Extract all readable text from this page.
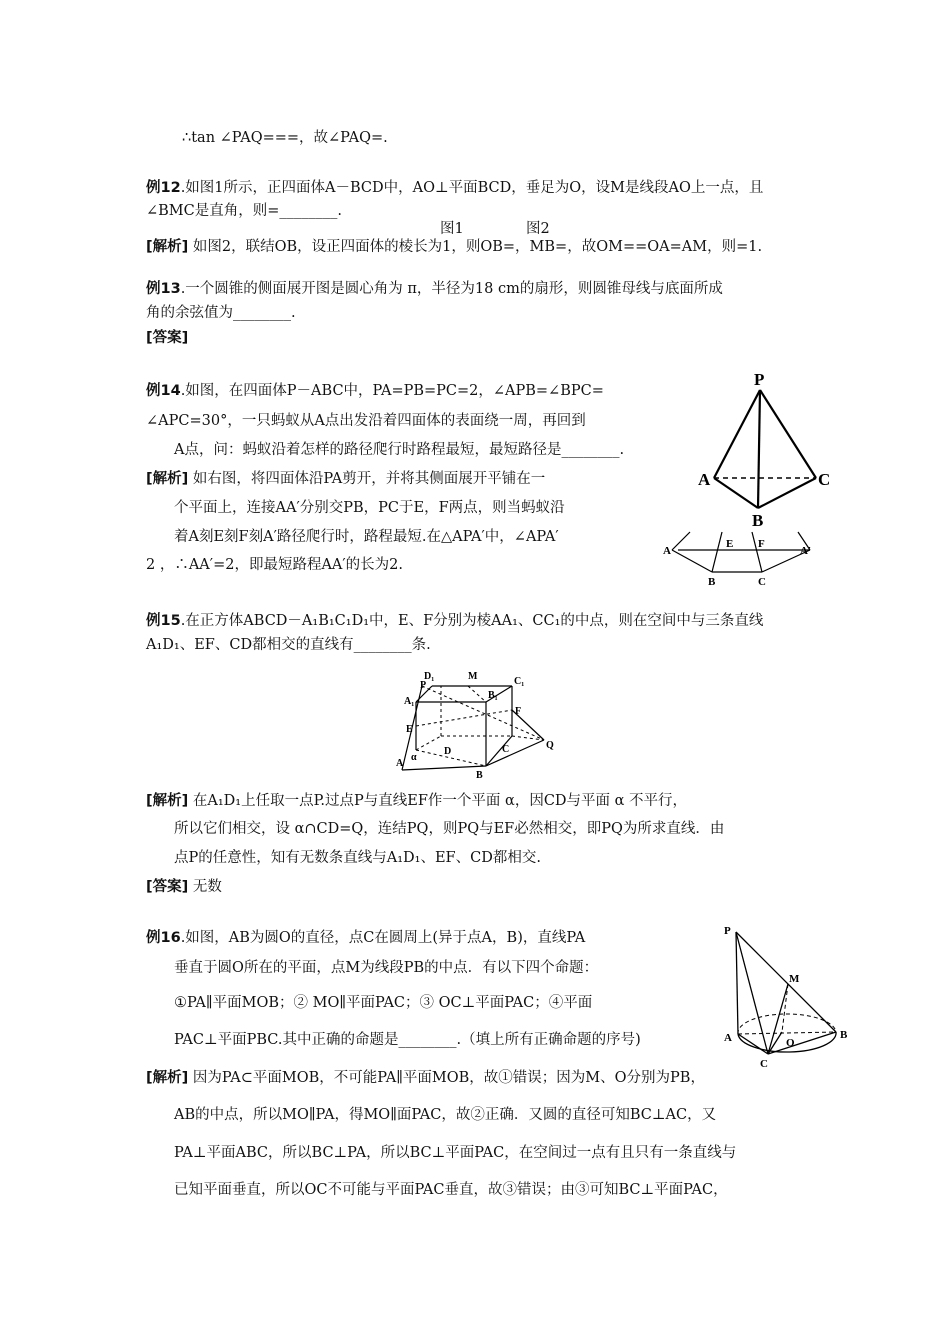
∴tan ∠PAQ===，故∠PAQ=.
例12.如图1所示，正四面体A－BCD中，AO⊥平面BCD，垂足为O，设M是线段AO上一点，且
∠BMC是直角，则=________.
图1	图2
[解析] 如图2，联结OB，设正四面体的棱长为1，则OB=，MB=，故OM==OA=AM，则=1.
例13.一个圆锥的侧面展开图是圆心角为 π，半径为18 cm的扇形，则圆锥母线与底面所成
角的余弦值为________.
[答案]
例14.如图，在四面体P－ABC中，PA=PB=PC=2，∠APB=∠BPC=
∠APC=30°，一只蚂蚁从A点出发沿着四面体的表面绕一周，再回到
A点，问：蚂蚁沿着怎样的路径爬行时路程最短，最短路径是________.
[解析] 如右图，将四面体沿PA剪开，并将其侧面展开平铺在一
个平面上，连接AA′分别交PB，PC于E，F两点，则当蚂蚁沿
着A刻E刻F刻A′路径爬行时，路程最短.在△APA′中，∠APA′
2 ，∴AA′=2，即最短路程AA′的长为2.
P
A	C
B
A
E F
A′
B	C
例15.在正方体ABCD－A₁B₁C₁D₁中，E、F分别为棱AA₁、CC₁的中点，则在空间中与三条直线
A₁D₁、EF、CD都相交的直线有________条.
D₁	M	C₁
P
B₁
A₁
F
E
D	C	Q
α
A
B
[解析] 在A₁D₁上任取一点P.过点P与直线EF作一个平面 α，因CD与平面 α 不平行，
所以它们相交，设 α∩CD=Q，连结PQ，则PQ与EF必然相交，即PQ为所求直线．由
点P的任意性，知有无数条直线与A₁D₁、EF、CD都相交.
[答案] 无数
例16.如图，AB为圆O的直径，点C在圆周上(异于点A，B)，直线PA
垂直于圆O所在的平面，点M为线段PB的中点．有以下四个命题：
①PA∥平面MOB；② MO∥平面PAC；③ OC⊥平面PAC；④平面
PAC⊥平面PBC.其中正确的命题是________.（填上所有正确命题的序号)
[解析] 因为PA⊂平面MOB，不可能PA∥平面MOB，故①错误；因为M、O分别为PB，
AB的中点，所以MO∥PA，得MO∥面PAC，故②正确．又圆的直径可知BC⊥AC，又
PA⊥平面ABC，所以BC⊥PA，所以BC⊥平面PAC，在空间过一点有且只有一条直线与
已知平面垂直，所以OC不可能与平面PAC垂直，故③错误；由③可知BC⊥平面PAC，
P
M
A	O
B
C
